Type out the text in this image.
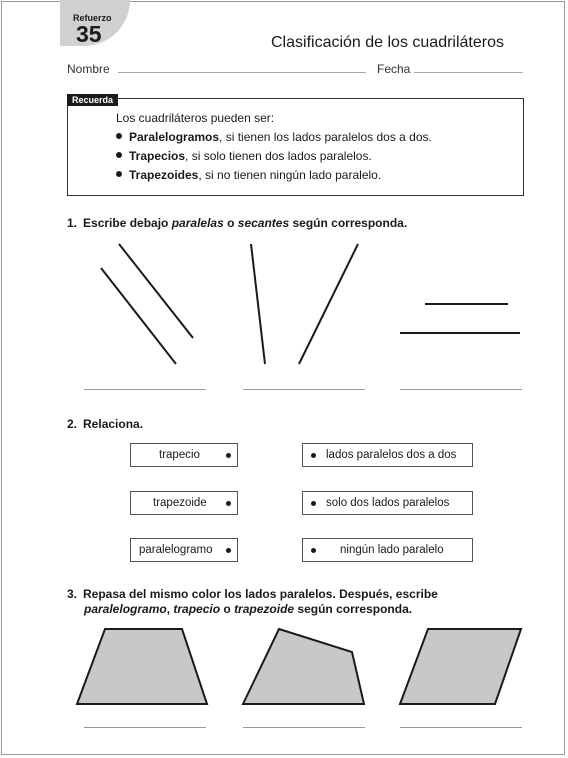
Refuerzo
35	Clasificación de los cuadriláteros
Nombre	Fecha
Recuerda
Los cuadriláteros pueden ser:
Paralelogramos, si tienen los lados paralelos dos a dos.
Trapecios, si solo tienen dos lados paralelos.
Trapezoides, si no tienen ningún lado paralelo.
1. Escribe debajo paralelas o secantes según corresponda.
2. Relaciona.
trapecio
trapezoide
paralelogramo
lados paralelos dos a dos
solo dos lados paralelos
ningún lado paralelo
3. Repasa del mismo color los lados paralelos. Después, escribe
paralelogramo, trapecio o trapezoide según corresponda.
